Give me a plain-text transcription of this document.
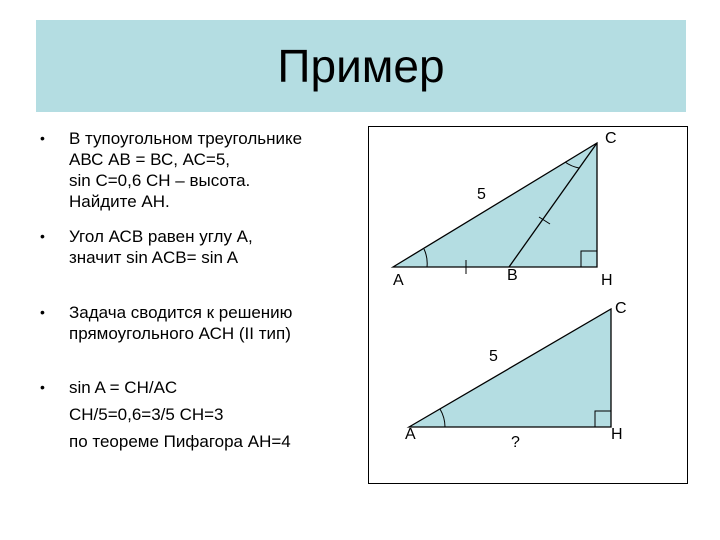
Пример
• В тупоугольном треугольнике
АВС АВ = ВС, АС=5,
sin C=0,6 СН – высота.
Найдите АН.
• Угол АСВ равен углу А,
значит sin ACB= sin A
• Задача сводится к решению
прямоугольного АСН (II тип)
• sin A = CH/AC
CH/5=0,6=3/5 CH=3
по теореме Пифагора АН=4
С
5
А	В	Н
С
5
А	?	Н
